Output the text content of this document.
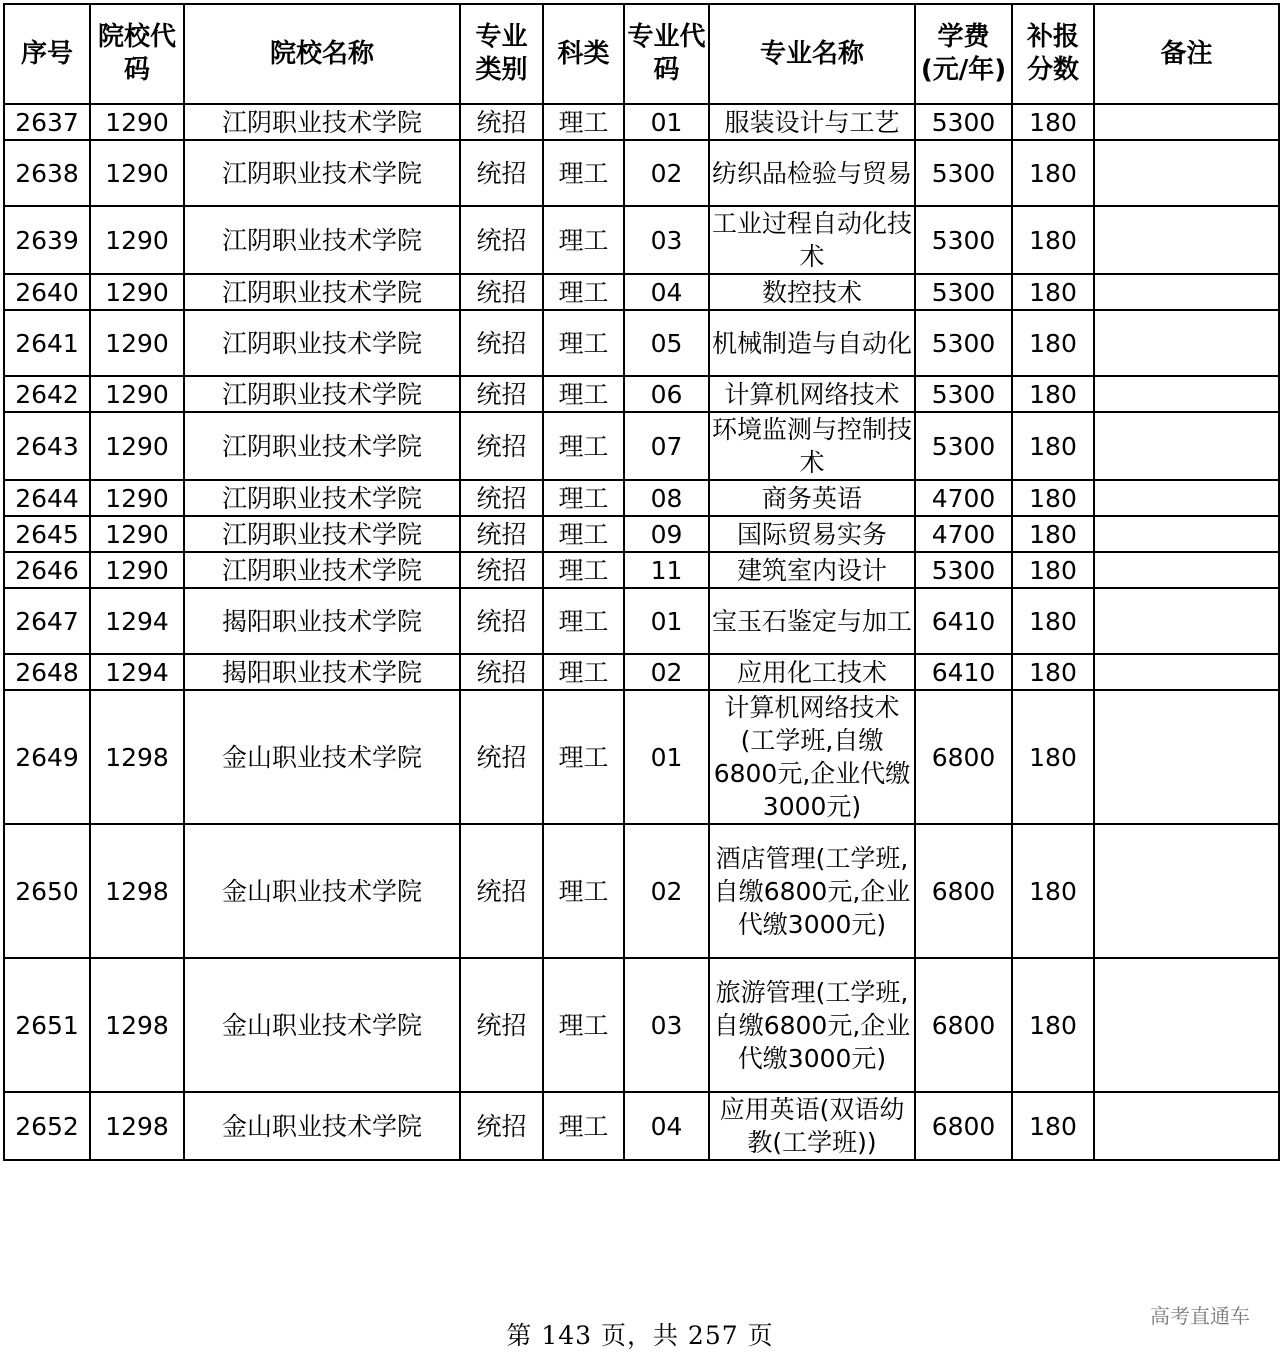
序号	院校代码	院校名称	专业类别	科类	专业代码	专业名称	学费(元/年)	补报分数	备注
2637	1290	江阴职业技术学院	统招	理工	01	服装设计与工艺	5300	180	
2638	1290	江阴职业技术学院	统招	理工	02	纺织品检验与贸易	5300	180	
2639	1290	江阴职业技术学院	统招	理工	03	工业过程自动化技术	5300	180	
2640	1290	江阴职业技术学院	统招	理工	04	数控技术	5300	180	
2641	1290	江阴职业技术学院	统招	理工	05	机械制造与自动化	5300	180	
2642	1290	江阴职业技术学院	统招	理工	06	计算机网络技术	5300	180	
2643	1290	江阴职业技术学院	统招	理工	07	环境监测与控制技术	5300	180	
2644	1290	江阴职业技术学院	统招	理工	08	商务英语	4700	180	
2645	1290	江阴职业技术学院	统招	理工	09	国际贸易实务	4700	180	
2646	1290	江阴职业技术学院	统招	理工	11	建筑室内设计	5300	180	
2647	1294	揭阳职业技术学院	统招	理工	01	宝玉石鉴定与加工	6410	180	
2648	1294	揭阳职业技术学院	统招	理工	02	应用化工技术	6410	180	
2649	1298	金山职业技术学院	统招	理工	01	计算机网络技术(工学班,自缴6800元,企业代缴3000元)	6800	180	
2650	1298	金山职业技术学院	统招	理工	02	酒店管理(工学班,自缴6800元,企业代缴3000元)	6800	180	
2651	1298	金山职业技术学院	统招	理工	03	旅游管理(工学班,自缴6800元,企业代缴3000元)	6800	180	
2652	1298	金山职业技术学院	统招	理工	04	应用英语(双语幼教(工学班))	6800	180	
第 143 页，共 257 页
高考直通车
